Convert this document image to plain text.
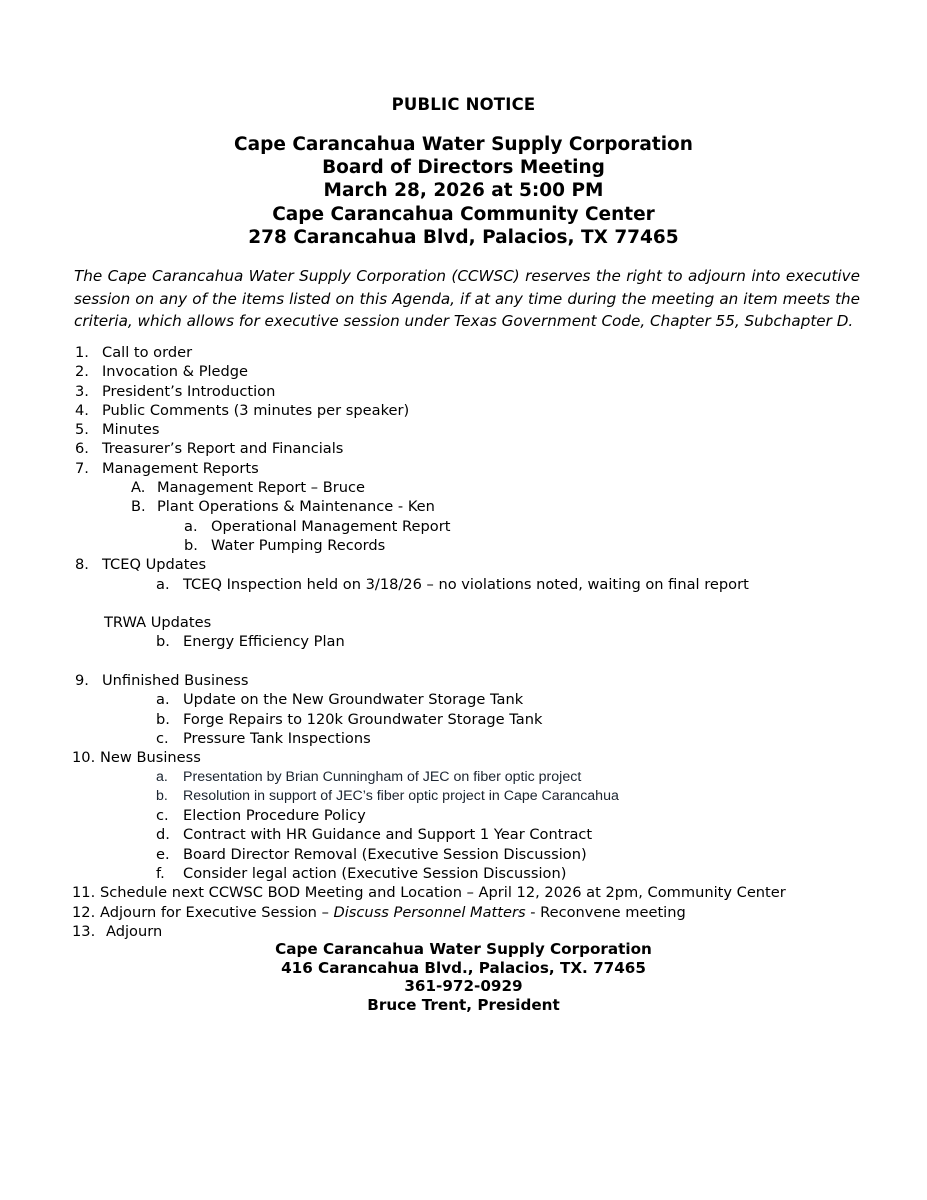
PUBLIC NOTICE
Cape Carancahua Water Supply Corporation
Board of Directors Meeting
March 28, 2026 at 5:00 PM
Cape Carancahua Community Center
278 Carancahua Blvd, Palacios, TX 77465
The Cape Carancahua Water Supply Corporation (CCWSC) reserves the right to adjourn into executive session on any of the items listed on this Agenda, if at any time during the meeting an item meets the criteria, which allows for executive session under Texas Government Code, Chapter 55, Subchapter D.
1. Call to order
2. Invocation & Pledge
3. President’s Introduction
4. Public Comments (3 minutes per speaker)
5. Minutes
6. Treasurer’s Report and Financials
7. Management Reports
A. Management Report – Bruce
B. Plant Operations & Maintenance - Ken
a. Operational Management Report
b. Water Pumping Records
8. TCEQ Updates
a. TCEQ Inspection held on 3/18/26 – no violations noted, waiting on final report
TRWA Updates
b. Energy Efficiency Plan
9. Unfinished Business
a. Update on the New Groundwater Storage Tank
b. Forge Repairs to 120k Groundwater Storage Tank
c. Pressure Tank Inspections
10. New Business
a. Presentation by Brian Cunningham of JEC on fiber optic project
b. Resolution in support of JEC’s fiber optic project in Cape Carancahua
c. Election Procedure Policy
d. Contract with HR Guidance and Support 1 Year Contract
e. Board Director Removal (Executive Session Discussion)
f. Consider legal action (Executive Session Discussion)
11. Schedule next CCWSC BOD Meeting and Location – April 12, 2026 at 2pm, Community Center
12. Adjourn for Executive Session – Discuss Personnel Matters - Reconvene meeting
13. Adjourn
Cape Carancahua Water Supply Corporation
416 Carancahua Blvd., Palacios, TX. 77465
361-972-0929
Bruce Trent, President
